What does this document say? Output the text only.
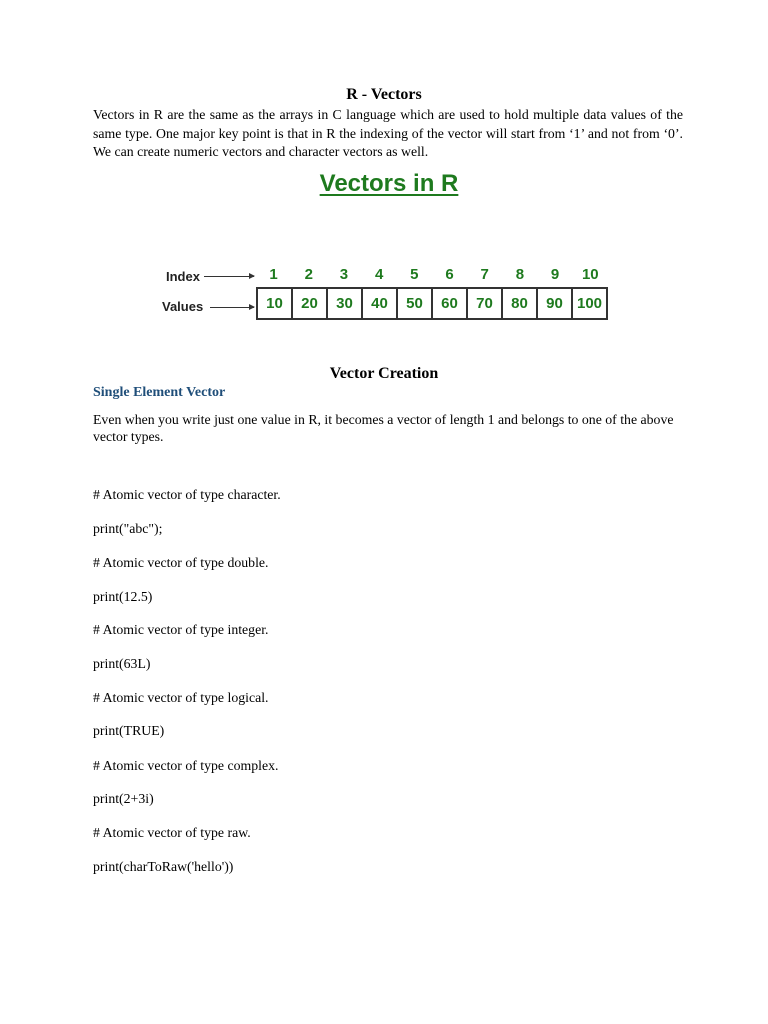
R - Vectors
Vectors in R are the same as the arrays in C language which are used to hold multiple data values of the same type. One major key point is that in R the indexing of the vector will start from ‘1’ and not from ‘0’. We can create numeric vectors and character vectors as well.
Vectors in R
Index
Values
1	2	3	4	5	6	7	8	9	10
10	20	30	40	50	60	70	80	90 100
Vector Creation
Single Element Vector
Even when you write just one value in R, it becomes a vector of length 1 and belongs to one of the above vector types.
# Atomic vector of type character.
print("abc");
# Atomic vector of type double.
print(12.5)
# Atomic vector of type integer.
print(63L)
# Atomic vector of type logical.
print(TRUE)
# Atomic vector of type complex.
print(2+3i)
# Atomic vector of type raw.
print(charToRaw('hello'))
